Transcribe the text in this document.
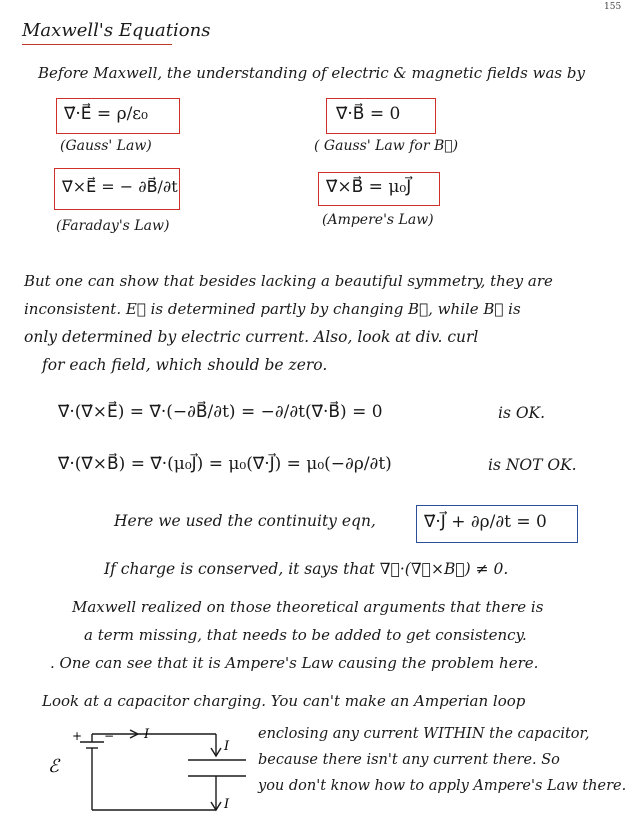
155
Maxwell's Equations
Before Maxwell, the understanding of electric & magnetic fields was by
∇⃗·E⃗ = ρ/ε₀
(Gauss' Law)
∇⃗·B⃗ = 0
( Gauss' Law for B⃗)
∇⃗×E⃗ = − ∂B⃗/∂t
(Faraday's Law)
∇⃗×B⃗ = μ₀J⃗
(Ampere's Law)
But one can show that besides lacking a beautiful symmetry, they are
inconsistent. E⃗ is determined partly by changing B⃗, while B⃗ is
only determined by electric current. Also, look at div. curl
for each field, which should be zero.
∇⃗·(∇⃗×E⃗) = ∇⃗·(−∂B⃗/∂t) = −∂/∂t(∇⃗·B⃗) = 0	is OK.
∇⃗·(∇⃗×B⃗) = ∇⃗·(μ₀J⃗) = μ₀(∇⃗·J⃗) = μ₀(−∂ρ/∂t)	is NOT OK.
Here we used the continuity eqn,	∇⃗·J⃗ + ∂ρ/∂t = 0
If charge is conserved, it says that ∇⃗·(∇⃗×B⃗) ≠ 0.
Maxwell realized on those theoretical arguments that there is
a term missing, that needs to be added to get consistency.
. One can see that it is Ampere's Law causing the problem here.
Look at a capacitor charging. You can't make an Amperian loop
enclosing any current WITHIN the capacitor,
because there isn't any current there. So
you don't know how to apply Ampere's Law there.
+ −
ℰ
I
I
I
